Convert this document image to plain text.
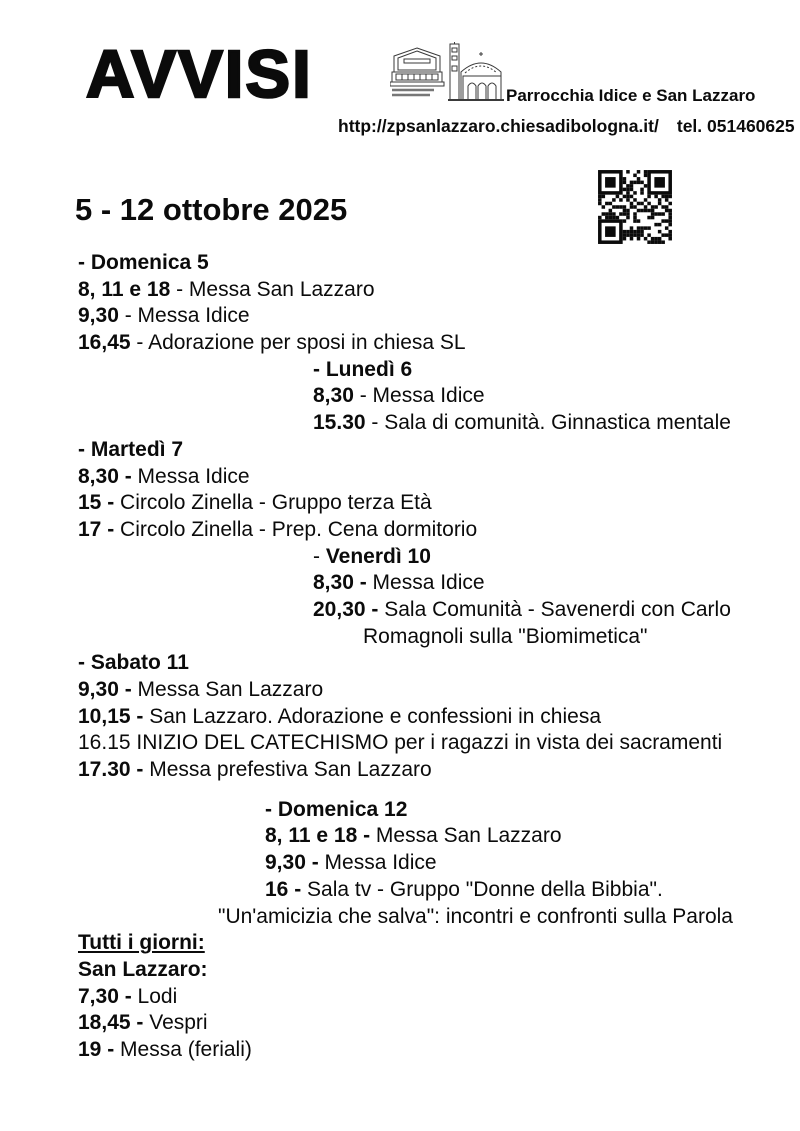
AVVISI	Parrocchia Idice e San Lazzaro
http://zpsanlazzaro.chiesadibologna.it/ tel. 051460625
5 - 12 ottobre 2025
- Domenica 5
8, 11 e 18 - Messa San Lazzaro
9,30 - Messa Idice
16,45 - Adorazione per sposi in chiesa SL
- Lunedì 6
8,30 - Messa Idice
15.30 - Sala di comunità. Ginnastica mentale
- Martedì 7
8,30 - Messa Idice
15 - Circolo Zinella - Gruppo terza Età
17 - Circolo Zinella - Prep. Cena dormitorio
- Venerdì 10
8,30 - Messa Idice
20,30 - Sala Comunità - Savenerdi con Carlo
Romagnoli sulla "Biomimetica"
- Sabato 11
9,30 - Messa San Lazzaro
10,15 - San Lazzaro. Adorazione e confessioni in chiesa
16.15 INIZIO DEL CATECHISMO per i ragazzi in vista dei sacramenti
17.30 - Messa prefestiva San Lazzaro
- Domenica 12
8, 11 e 18 - Messa San Lazzaro
9,30 - Messa Idice
16 - Sala tv - Gruppo "Donne della Bibbia".
"Un'amicizia che salva": incontri e confronti sulla Parola
Tutti i giorni:
San Lazzaro:
7,30 - Lodi
18,45 - Vespri
19 - Messa (feriali)
